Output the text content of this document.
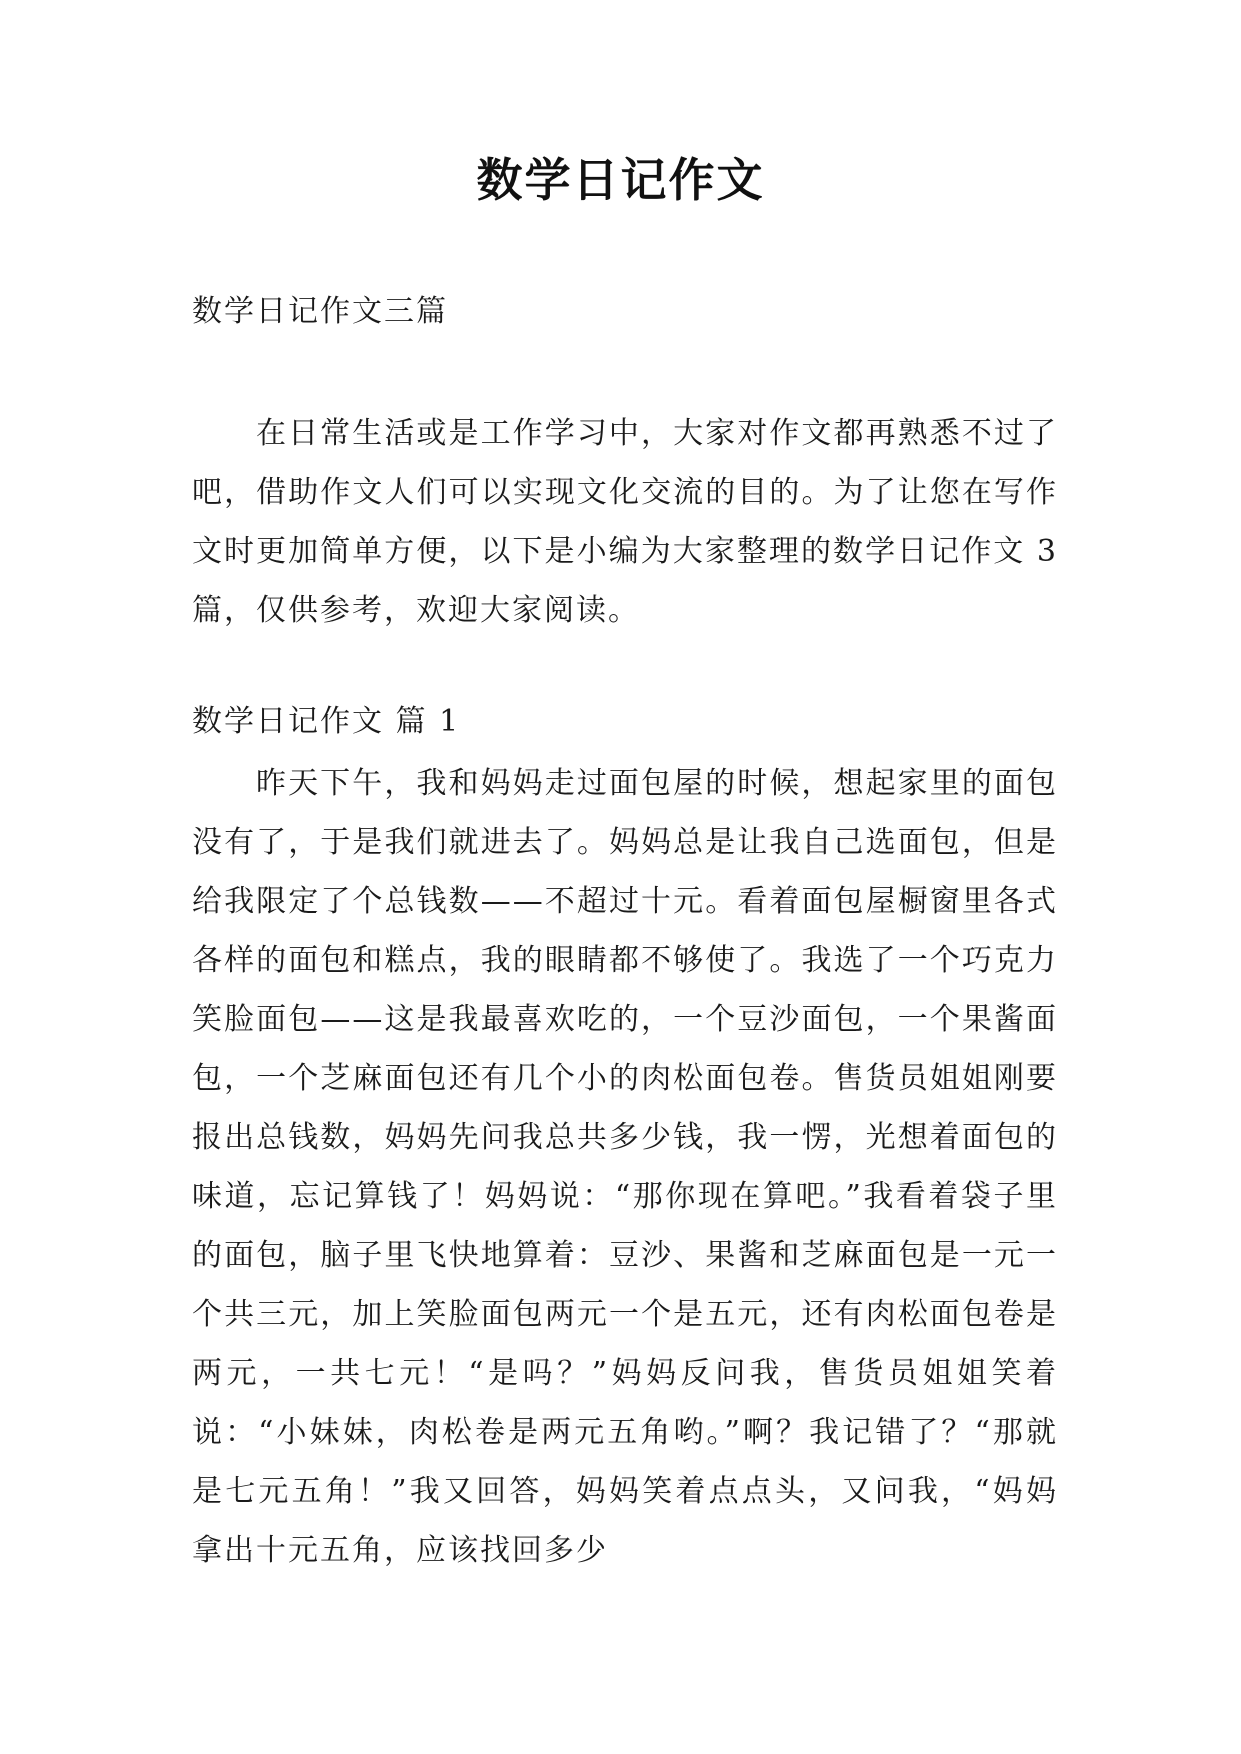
数学日记作文
数学日记作文三篇

在日常生活或是工作学习中，大家对作文都再熟悉不过了吧，借助作文人们可以实现文化交流的目的。为了让您在写作文时更加简单方便，以下是小编为大家整理的数学日记作文 3 篇，仅供参考，欢迎大家阅读。

数学日记作文 篇 1

昨天下午，我和妈妈走过面包屋的时候，想起家里的面包没有了，于是我们就进去了。妈妈总是让我自己选面包，但是给我限定了个总钱数——不超过十元。看着面包屋橱窗里各式各样的面包和糕点，我的眼睛都不够使了。我选了一个巧克力笑脸面包——这是我最喜欢吃的，一个豆沙面包，一个果酱面包，一个芝麻面包还有几个小的肉松面包卷。售货员姐姐刚要报出总钱数，妈妈先问我总共多少钱，我一愣，光想着面包的味道，忘记算钱了！妈妈说：“那你现在算吧。”我看着袋子里的面包，脑子里飞快地算着：豆沙、果酱和芝麻面包是一元一个共三元，加上笑脸面包两元一个是五元，还有肉松面包卷是两元，一共七元！“是吗？”妈妈反问我，售货员姐姐笑着说：“小妹妹，肉松卷是两元五角哟。”啊？我记错了？“那就是七元五角！”我又回答，妈妈笑着点点头，又问我，“妈妈拿出十元五角，应该找回多少
